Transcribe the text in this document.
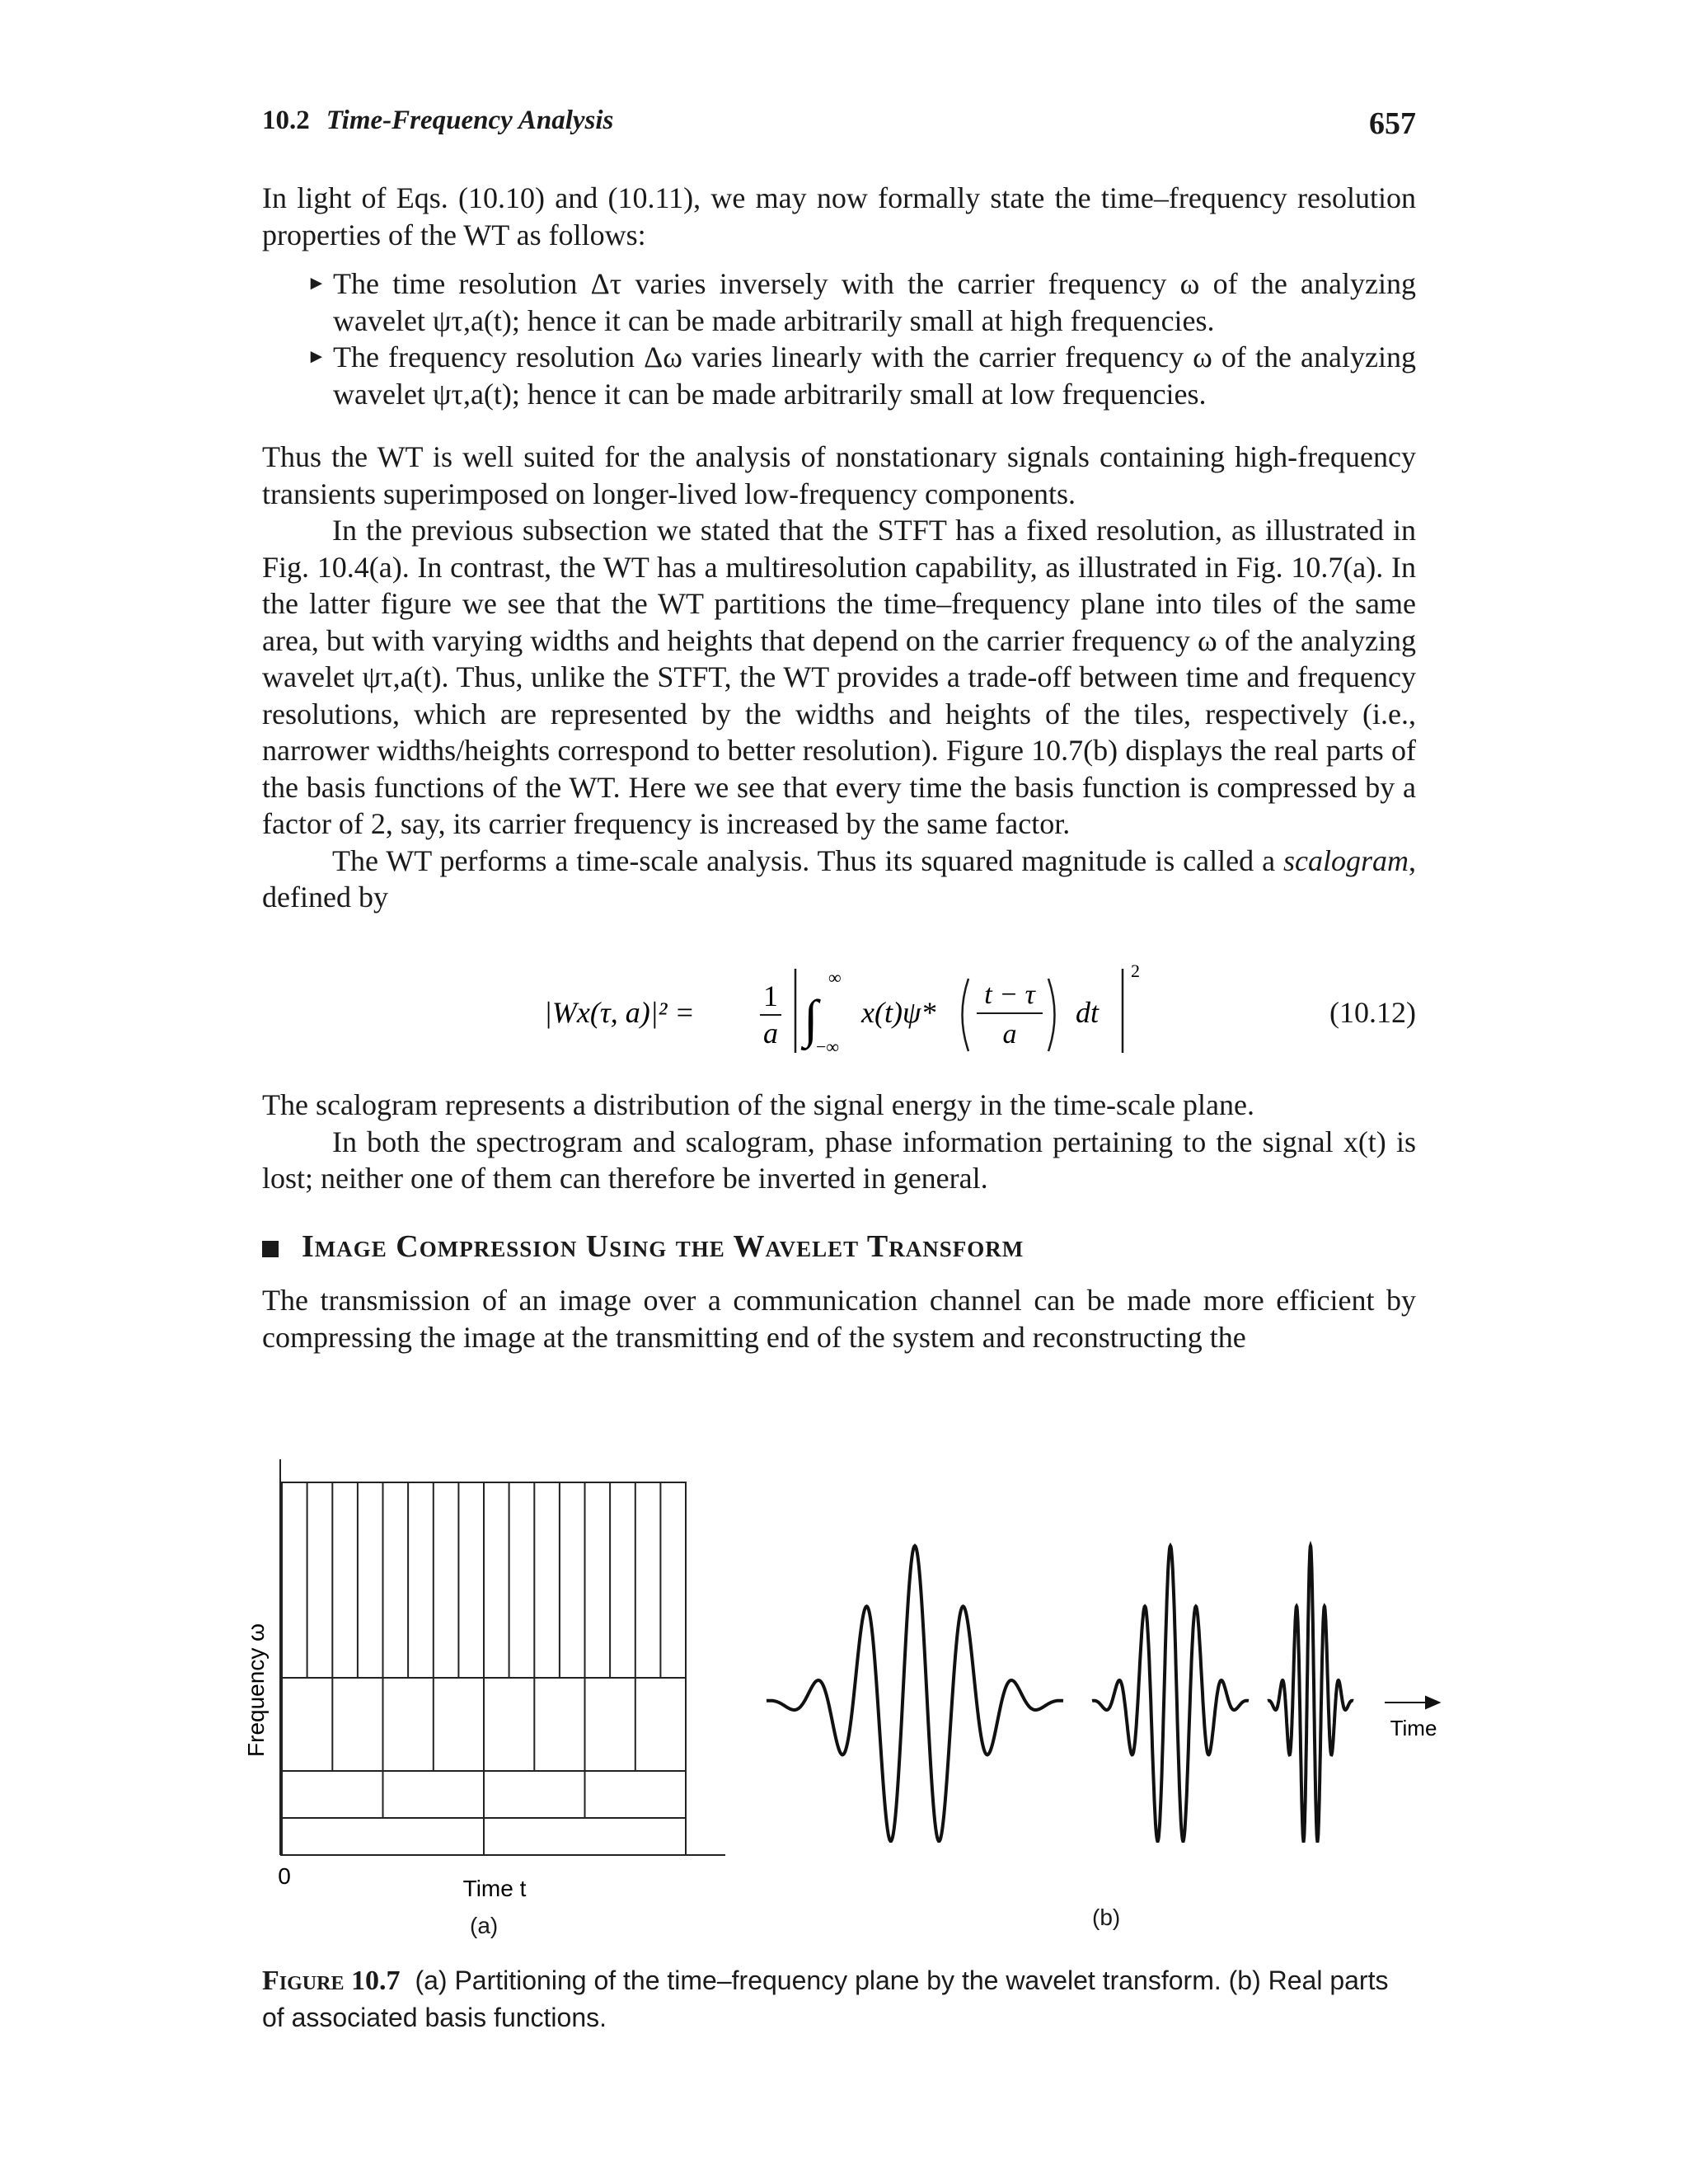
10.2 Time-Frequency Analysis	657

In light of Eqs. (10.10) and (10.11), we may now formally state the time–frequency resolution properties of the WT as follows:

► The time resolution Δτ varies inversely with the carrier frequency ω of the analyzing wavelet ψτ,a(t); hence it can be made arbitrarily small at high frequencies.
► The frequency resolution Δω varies linearly with the carrier frequency ω of the analyzing wavelet ψτ,a(t); hence it can be made arbitrarily small at low frequencies.

Thus the WT is well suited for the analysis of nonstationary signals containing high-frequency transients superimposed on longer-lived low-frequency components.

In the previous subsection we stated that the STFT has a fixed resolution, as illustrated in Fig. 10.4(a). In contrast, the WT has a multiresolution capability, as illustrated in Fig. 10.7(a). In the latter figure we see that the WT partitions the time–frequency plane into tiles of the same area, but with varying widths and heights that depend on the carrier frequency ω of the analyzing wavelet ψτ,a(t). Thus, unlike the STFT, the WT provides a trade-off between time and frequency resolutions, which are represented by the widths and heights of the tiles, respectively (i.e., narrower widths/heights correspond to better resolution). Figure 10.7(b) displays the real parts of the basis functions of the WT. Here we see that every time the basis function is compressed by a factor of 2, say, its carrier frequency is increased by the same factor.

The WT performs a time-scale analysis. Thus its squared magnitude is called a scalogram, defined by

|Wx(τ, a)|² = 1
a ∫
∞
−∞
x(t)ψ*
t − τ
a
dt
2
(10.12)

The scalogram represents a distribution of the signal energy in the time-scale plane.

In both the spectrogram and scalogram, phase information pertaining to the signal x(t) is lost; neither one of them can therefore be inverted in general.

Image Compression Using the Wavelet Transform

The transmission of an image over a communication channel can be made more efficient by compressing the image at the transmitting end of the system and reconstructing the

Frequency ω
0	Time t
(a)
Time
(b)
Figure 10.7 (a) Partitioning of the time–frequency plane by the wavelet transform. (b) Real parts of associated basis functions.
